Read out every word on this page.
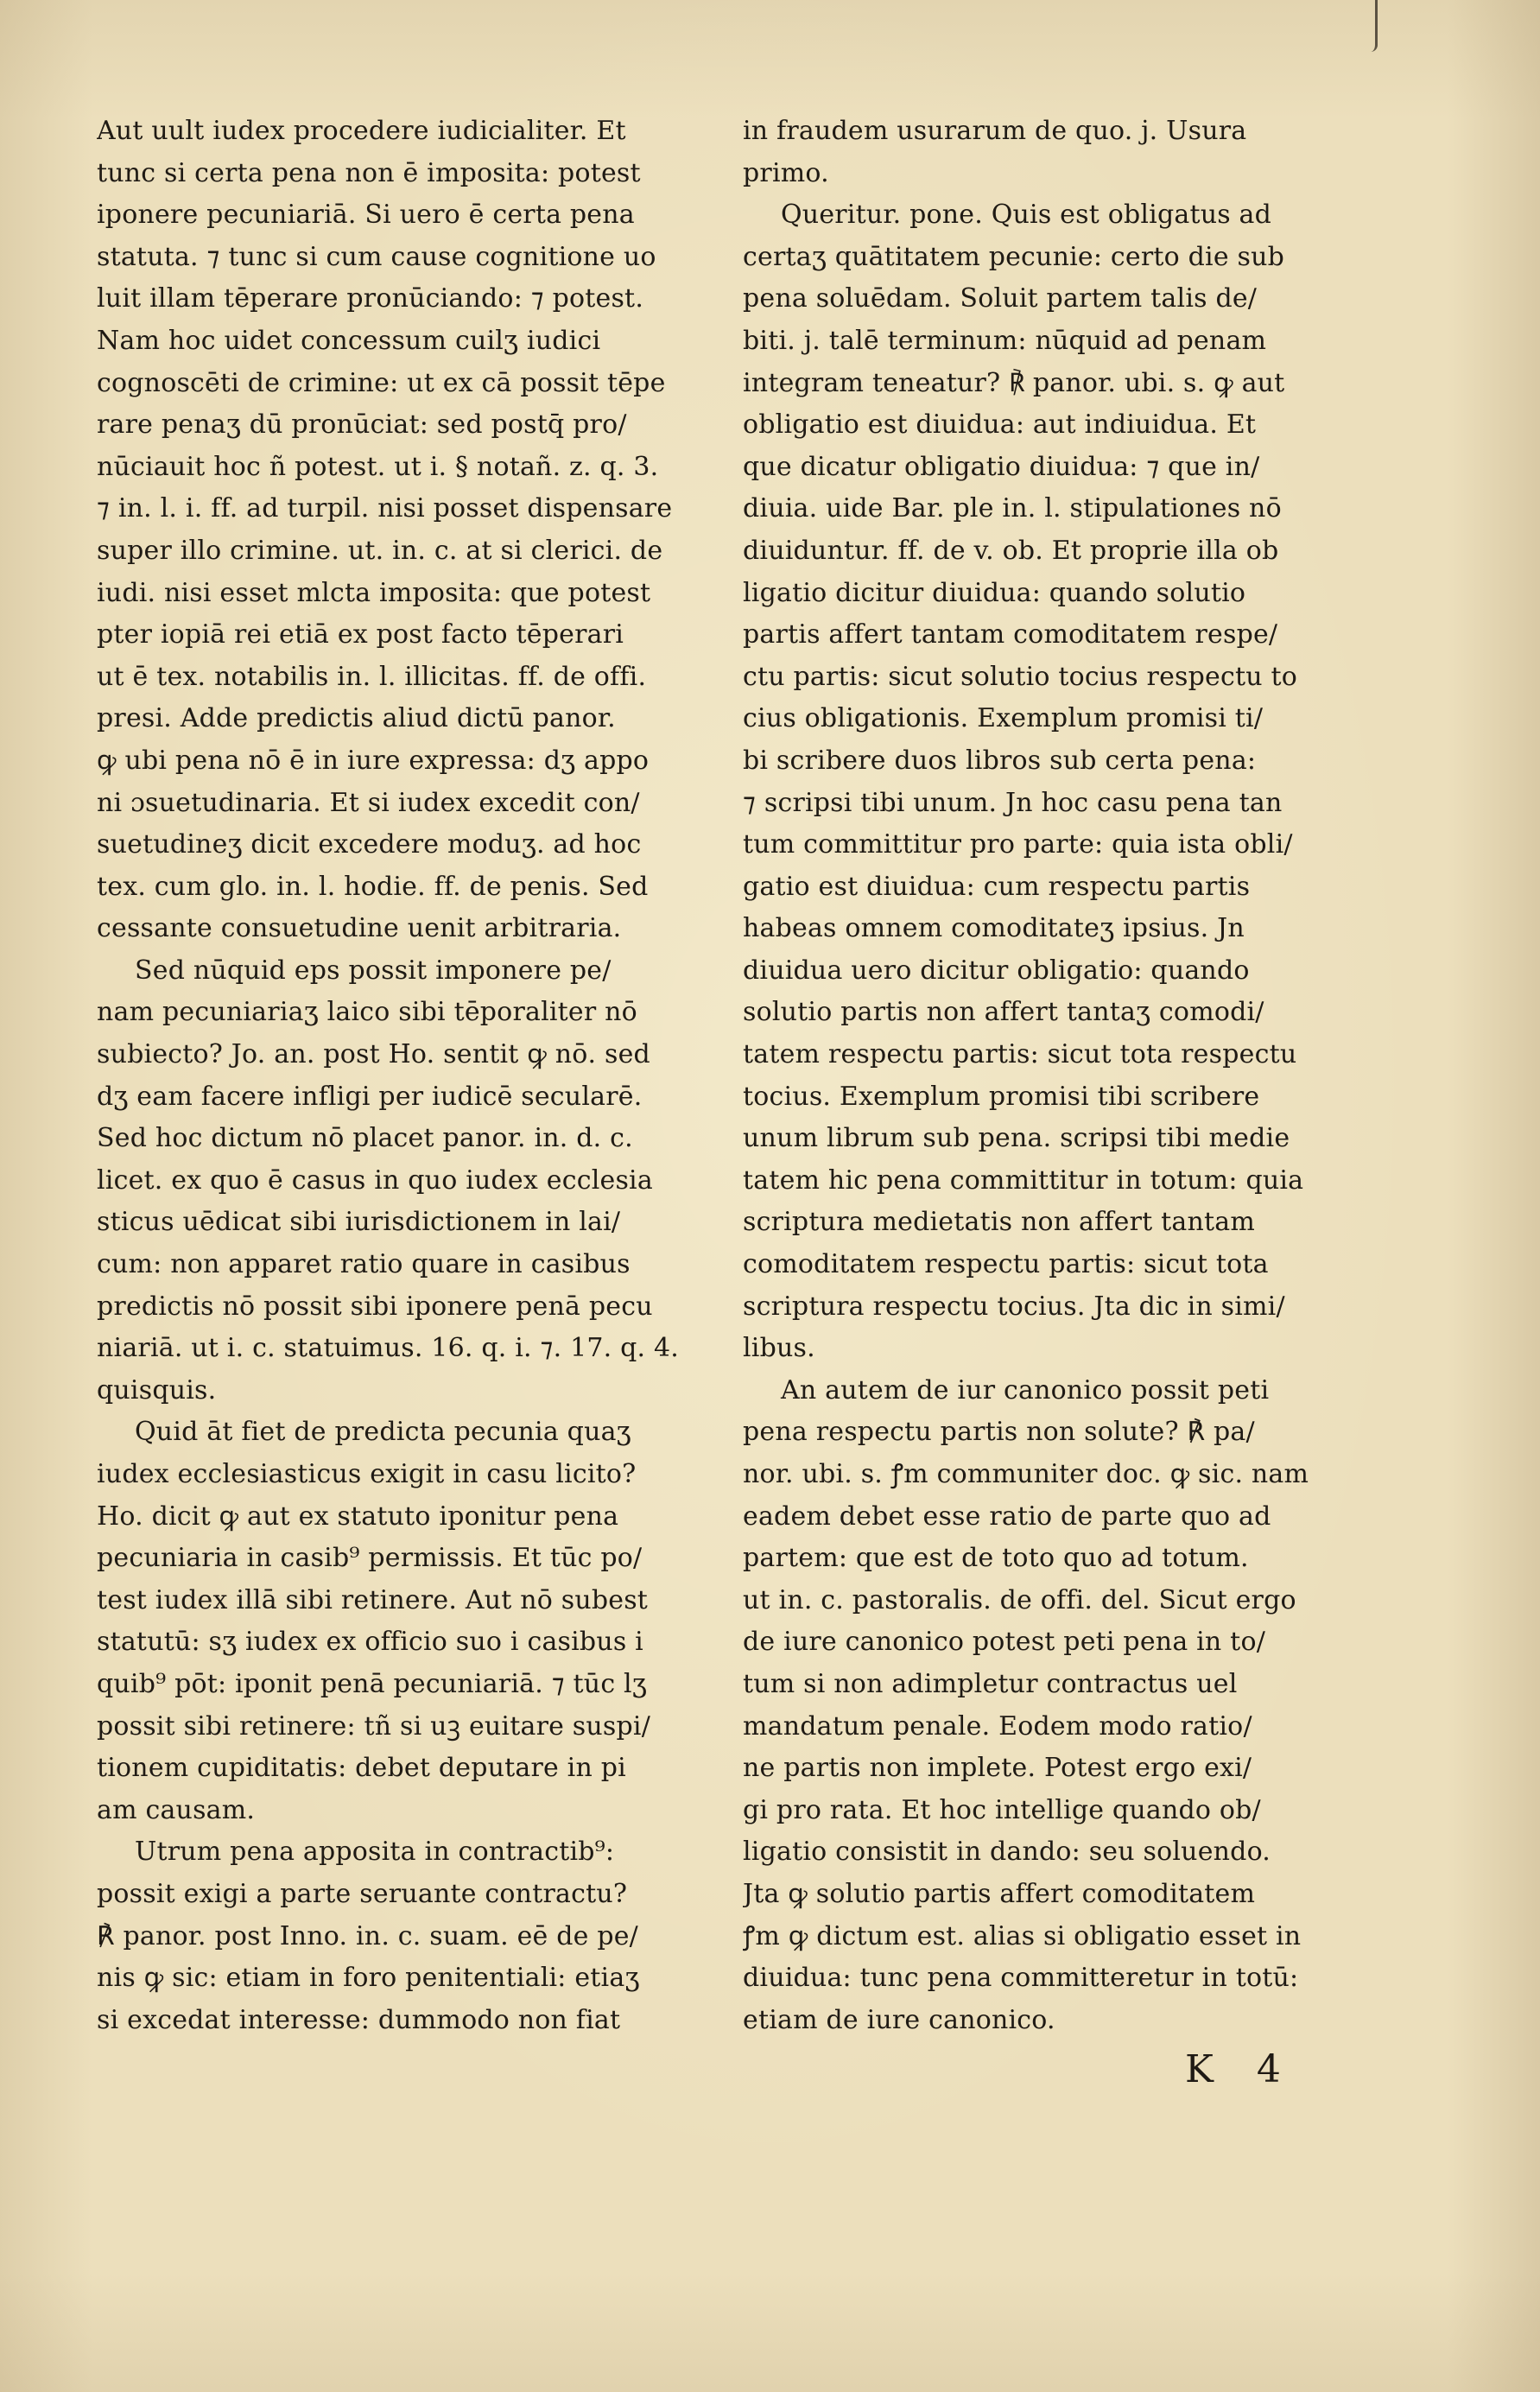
Aut uult iudex procedere iudicialiter. Et
tunc si certa pena non ē imposita: potest
iponere pecuniariā. Si uero ē certa pena
statuta. ⁊ tunc si cum cause cognitione uo
luit illam tēperare pronūciando: ⁊ potest.
Nam hoc uidet concessum cuilʒ iudici
cognoscēti de crimine: ut ex cā possit tēpe
rare penaʒ dū pronūciat: sed postq̄ pro/
nūciauit hoc ñ potest. ut i. § notañ. z. q. 3.
⁊ in. l. i. ff. ad turpil. nisi posset dispensare
super illo crimine. ut. in. c. at si clerici. de
iudi. nisi esset mlcta imposita: que potest
pter iopiā rei etiā ex post facto tēperari
ut ē tex. notabilis in. l. illicitas. ff. de offi.
presi. Adde predictis aliud dictū panor.
ꝙ ubi pena nō ē in iure expressa: dʒ appo
ni ɔsuetudinaria. Et si iudex excedit con/
suetudineʒ dicit excedere moduʒ. ad hoc
tex. cum glo. in. l. hodie. ff. de penis. Sed
cessante consuetudine uenit arbitraria.
Sed nūquid eps possit imponere pe/
nam pecuniariaʒ laico sibi tēporaliter nō
subiecto? Jo. an. post Ho. sentit ꝙ nō. sed
dʒ eam facere infligi per iudicē secularē.
Sed hoc dictum nō placet panor. in. d. c.
licet. ex quo ē casus in quo iudex ecclesia
sticus uēdicat sibi iurisdictionem in lai/
cum: non apparet ratio quare in casibus
predictis nō possit sibi iponere penā pecu
niariā. ut i. c. statuimus. 16. q. i. ⁊. 17. q. 4.
quisquis.
Quid āt fiet de predicta pecunia quaʒ
iudex ecclesiasticus exigit in casu licito?
Ho. dicit ꝙ aut ex statuto iponitur pena
pecuniaria in casib⁹ permissis. Et tūc po/
test iudex illā sibi retinere. Aut nō subest
statutū: sʒ iudex ex officio suo i casibus i
quib⁹ pōt: iponit penā pecuniariā. ⁊ tūc lʒ
possit sibi retinere: tñ si uꝫ euitare suspi/
tionem cupiditatis: debet deputare in pi
am causam.
Utrum pena apposita in contractib⁹:
possit exigi a parte seruante contractu?
℟ panor. post Inno. in. c. suam. eē de pe/
nis ꝙ sic: etiam in foro penitentiali: etiaʒ
si excedat interesse: dummodo non fiat
in fraudem usurarum de quo. j. Usura
primo.
Queritur. pone. Quis est obligatus ad
certaʒ quātitatem pecunie: certo die sub
pena soluēdam. Soluit partem talis de/
biti. j. talē terminum: nūquid ad penam
integram teneatur? ℟ panor. ubi. s. ꝙ aut
obligatio est diuidua: aut indiuidua. Et
que dicatur obligatio diuidua: ⁊ que in/
diuia. uide Bar. ple in. l. stipulationes nō
diuiduntur. ff. de v. ob. Et proprie illa ob
ligatio dicitur diuidua: quando solutio
partis affert tantam comoditatem respe/
ctu partis: sicut solutio tocius respectu to
cius obligationis. Exemplum promisi ti/
bi scribere duos libros sub certa pena:
⁊ scripsi tibi unum. Jn hoc casu pena tan
tum committitur pro parte: quia ista obli/
gatio est diuidua: cum respectu partis
habeas omnem comoditateʒ ipsius. Jn
diuidua uero dicitur obligatio: quando
solutio partis non affert tantaʒ comodi/
tatem respectu partis: sicut tota respectu
tocius. Exemplum promisi tibi scribere
unum librum sub pena. scripsi tibi medie
tatem hic pena committitur in totum: quia
scriptura medietatis non affert tantam
comoditatem respectu partis: sicut tota
scriptura respectu tocius. Jta dic in simi/
libus.
An autem de iur canonico possit peti
pena respectu partis non solute? ℟ pa/
nor. ubi. s. ꝭm communiter doc. ꝙ sic. nam
eadem debet esse ratio de parte quo ad
partem: que est de toto quo ad totum.
ut in. c. pastoralis. de offi. del. Sicut ergo
de iure canonico potest peti pena in to/
tum si non adimpletur contractus uel
mandatum penale. Eodem modo ratio/
ne partis non implete. Potest ergo exi/
gi pro rata. Et hoc intellige quando ob/
ligatio consistit in dando: seu soluendo.
Jta ꝙ solutio partis affert comoditatem
ꝭm ꝙ dictum est. alias si obligatio esset in
diuidua: tunc pena committeretur in totū:
etiam de iure canonico.
K 4
